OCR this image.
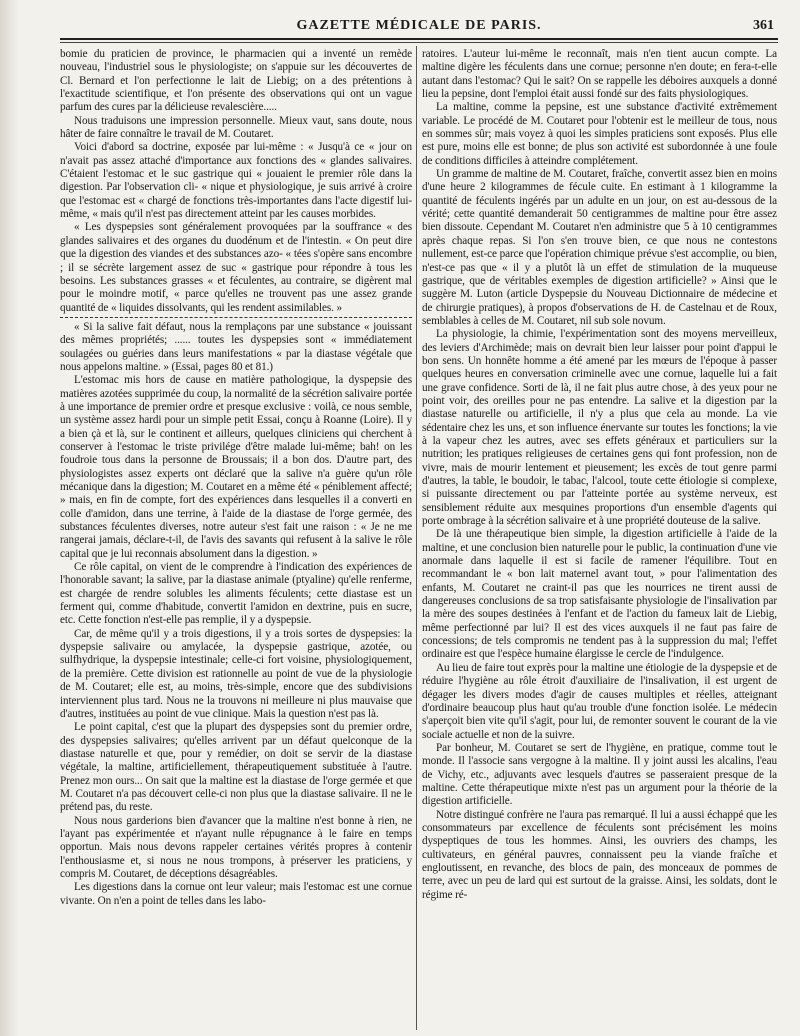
GAZETTE MÉDICALE DE PARIS.	361

bomie du praticien de province, le pharmacien qui a inventé un remède nouveau, l'industriel sous le physiologiste; on s'appuie sur les découvertes de Cl. Bernard et l'on perfectionne le lait de Liebig; on a des prétentions à l'exactitude scientifique, et l'on présente des observations qui ont un vague parfum des cures par la délicieuse revalescière.....

Nous traduisons une impression personnelle. Mieux vaut, sans doute, nous hâter de faire connaître le travail de M. Coutaret.

Voici d'abord sa doctrine, exposée par lui-même : « Jusqu'à ce « jour on n'avait pas assez attaché d'importance aux fonctions des « glandes salivaires. C'étaient l'estomac et le suc gastrique qui « jouaient le premier rôle dans la digestion. Par l'observation cli- « nique et physiologique, je suis arrivé à croire que l'estomac est « chargé de fonctions très-importantes dans l'acte digestif lui-même, « mais qu'il n'est pas directement atteint par les causes morbides.

« Les dyspepsies sont généralement provoquées par la souffrance « des glandes salivaires et des organes du duodénum et de l'intestin. « On peut dire que la digestion des viandes et des substances azo- « tées s'opère sans encombre ; il se sécrète largement assez de suc « gastrique pour répondre à tous les besoins. Les substances grasses « et féculentes, au contraire, se digèrent mal pour le moindre motif, « parce qu'elles ne trouvent pas une assez grande quantité de « liquides dissolvants, qui les rendent assimilables. »

« Si la salive fait défaut, nous la remplaçons par une substance « jouissant des mêmes propriétés; ...... toutes les dyspepsies sont « immédiatement soulagées ou guéries dans leurs manifestations « par la diastase végétale que nous appelons maltine. » (Essai, pages 80 et 81.)

L'estomac mis hors de cause en matière pathologique, la dyspepsie des matières azotées supprimée du coup, la normalité de la sécrétion salivaire portée à une importance de premier ordre et presque exclusive : voilà, ce nous semble, un système assez hardi pour un simple petit Essai, conçu à Roanne (Loire). Il y a bien çà et là, sur le continent et ailleurs, quelques cliniciens qui cherchent à conserver à l'estomac le triste privilége d'être malade lui-même; bah! on les foudroie tous dans la personne de Broussais; il a bon dos. D'autre part, des physiologistes assez experts ont déclaré que la salive n'a guère qu'un rôle mécanique dans la digestion; M. Coutaret en a même été « péniblement affecté; » mais, en fin de compte, fort des expériences dans lesquelles il a converti en colle d'amidon, dans une terrine, à l'aide de la diastase de l'orge germée, des substances féculentes diverses, notre auteur s'est fait une raison : « Je ne me rangerai jamais, déclare-t-il, de l'avis des savants qui refusent à la salive le rôle capital que je lui reconnais absolument dans la digestion. »

Ce rôle capital, on vient de le comprendre à l'indication des expériences de l'honorable savant; la salive, par la diastase animale (ptyaline) qu'elle renferme, est chargée de rendre solubles les aliments féculents; cette diastase est un ferment qui, comme d'habitude, convertit l'amidon en dextrine, puis en sucre, etc. Cette fonction n'est-elle pas remplie, il y a dyspepsie.

Car, de même qu'il y a trois digestions, il y a trois sortes de dyspepsies: la dyspepsie salivaire ou amylacée, la dyspepsie gastrique, azotée, ou sulfhydrique, la dyspepsie intestinale; celle-ci fort voisine, physiologiquement, de la première. Cette division est rationnelle au point de vue de la physiologie de M. Coutaret; elle est, au moins, très-simple, encore que des subdivisions interviennent plus tard. Nous ne la trouvons ni meilleure ni plus mauvaise que d'autres, instituées au point de vue clinique. Mais la question n'est pas là.

Le point capital, c'est que la plupart des dyspepsies sont du premier ordre, des dyspepsies salivaires; qu'elles arrivent par un défaut quelconque de la diastase naturelle et que, pour y remédier, on doit se servir de la diastase végétale, la maltine, artificiellement, thérapeutiquement substituée à l'autre. Prenez mon ours... On sait que la maltine est la diastase de l'orge germée et que M. Coutaret n'a pas découvert celle-ci non plus que la diastase salivaire. Il ne le prétend pas, du reste.

Nous nous garderions bien d'avancer que la maltine n'est bonne à rien, ne l'ayant pas expérimentée et n'ayant nulle répugnance à le faire en temps opportun. Mais nous devons rappeler certaines vérités propres à contenir l'enthousiasme et, si nous ne nous trompons, à préserver les praticiens, y compris M. Coutaret, de déceptions désagréables.

Les digestions dans la cornue ont leur valeur; mais l'estomac est une cornue vivante. On n'en a point de telles dans les labo-

ratoires. L'auteur lui-même le reconnaît, mais n'en tient aucun compte. La maltine digère les féculents dans une cornue; personne n'en doute; en fera-t-elle autant dans l'estomac? Qui le sait? On se rappelle les déboires auxquels a donné lieu la pepsine, dont l'emploi était aussi fondé sur des faits physiologiques.

La maltine, comme la pepsine, est une substance d'activité extrêmement variable. Le procédé de M. Coutaret pour l'obtenir est le meilleur de tous, nous en sommes sûr; mais voyez à quoi les simples praticiens sont exposés. Plus elle est pure, moins elle est bonne; de plus son activité est subordonnée à une foule de conditions difficiles à atteindre complétement.

Un gramme de maltine de M. Coutaret, fraîche, convertit assez bien en moins d'une heure 2 kilogrammes de fécule cuite. En estimant à 1 kilogramme la quantité de féculents ingérés par un adulte en un jour, on est au-dessous de la vérité; cette quantité demanderait 50 centigrammes de maltine pour être assez bien dissoute. Cependant M. Coutaret n'en administre que 5 à 10 centigrammes après chaque repas. Si l'on s'en trouve bien, ce que nous ne contestons nullement, est-ce parce que l'opération chimique prévue s'est accomplie, ou bien, n'est-ce pas que « il y a plutôt là un effet de stimulation de la muqueuse gastrique, que de véritables exemples de digestion artificielle? » Ainsi que le suggère M. Luton (article Dyspepsie du Nouveau Dictionnaire de médecine et de chirurgie pratiques), à propos d'observations de H. de Castelnau et de Roux, semblables à celles de M. Coutaret, nil sub sole novum.

La physiologie, la chimie, l'expérimentation sont des moyens merveilleux, des leviers d'Archimède; mais on devrait bien leur laisser pour point d'appui le bon sens. Un honnête homme a été amené par les mœurs de l'époque à passer quelques heures en conversation criminelle avec une cornue, laquelle lui a fait une grave confidence. Sorti de là, il ne fait plus autre chose, à des yeux pour ne point voir, des oreilles pour ne pas entendre. La salive et la digestion par la diastase naturelle ou artificielle, il n'y a plus que cela au monde. La vie sédentaire chez les uns, et son influence énervante sur toutes les fonctions; la vie à la vapeur chez les autres, avec ses effets généraux et particuliers sur la nutrition; les pratiques religieuses de certaines gens qui font profession, non de vivre, mais de mourir lentement et pieusement; les excès de tout genre parmi d'autres, la table, le boudoir, le tabac, l'alcool, toute cette étiologie si complexe, si puissante directement ou par l'atteinte portée au système nerveux, est sensiblement réduite aux mesquines proportions d'un ensemble d'agents qui porte ombrage à la sécrétion salivaire et à une propriété douteuse de la salive.

De là une thérapeutique bien simple, la digestion artificielle à l'aide de la maltine, et une conclusion bien naturelle pour le public, la continuation d'une vie anormale dans laquelle il est si facile de ramener l'équilibre. Tout en recommandant le « bon lait maternel avant tout, » pour l'alimentation des enfants, M. Coutaret ne craint-il pas que les nourrices ne tirent aussi de dangereuses conclusions de sa trop satisfaisante physiologie de l'insalivation par la mère des soupes destinées à l'enfant et de l'action du fameux lait de Liebig, même perfectionné par lui? Il est des vices auxquels il ne faut pas faire de concessions; de tels compromis ne tendent pas à la suppression du mal; l'effet ordinaire est que l'espèce humaine élargisse le cercle de l'indulgence.

Au lieu de faire tout exprès pour la maltine une étiologie de la dyspepsie et de réduire l'hygiène au rôle étroit d'auxiliaire de l'insalivation, il est urgent de dégager les divers modes d'agir de causes multiples et réelles, atteignant d'ordinaire beaucoup plus haut qu'au trouble d'une fonction isolée. Le médecin s'aperçoit bien vite qu'il s'agit, pour lui, de remonter souvent le courant de la vie sociale actuelle et non de la suivre.

Par bonheur, M. Coutaret se sert de l'hygiène, en pratique, comme tout le monde. Il l'associe sans vergogne à la maltine. Il y joint aussi les alcalins, l'eau de Vichy, etc., adjuvants avec lesquels d'autres se passeraient presque de la maltine. Cette thérapeutique mixte n'est pas un argument pour la théorie de la digestion artificielle.

Notre distingué confrère ne l'aura pas remarqué. Il lui a aussi échappé que les consommateurs par excellence de féculents sont précisément les moins dyspeptiques de tous les hommes. Ainsi, les ouvriers des champs, les cultivateurs, en général pauvres, connaissent peu la viande fraîche et engloutissent, en revanche, des blocs de pain, des monceaux de pommes de terre, avec un peu de lard qui est surtout de la graisse. Ainsi, les soldats, dont le régime ré-
